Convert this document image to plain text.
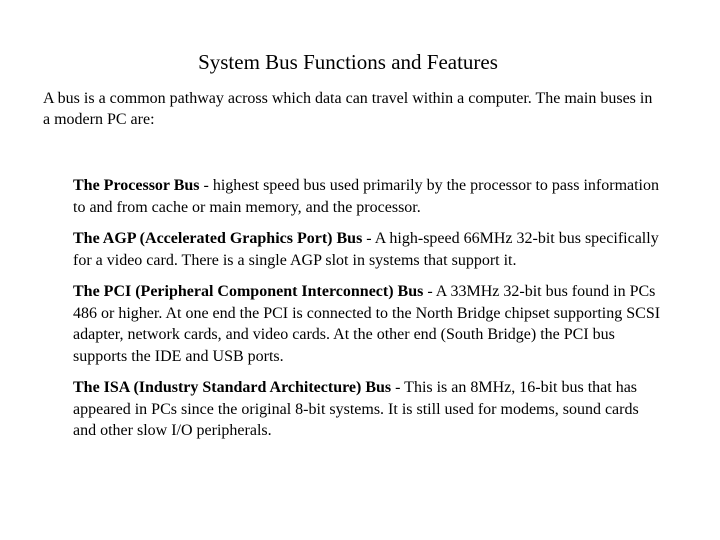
System Bus Functions and Features
A bus is a common pathway across which data can travel within a computer. The main buses in a modern PC are:
The Processor Bus - highest speed bus used primarily by the processor to pass information to and from cache or main memory, and the processor.
The AGP (Accelerated Graphics Port) Bus - A high-speed 66MHz 32-bit bus specifically for a video card. There is a single AGP slot in systems that support it.
The PCI (Peripheral Component Interconnect) Bus - A 33MHz 32-bit bus found in PCs 486 or higher. At one end the PCI is connected to the North Bridge chipset supporting SCSI adapter, network cards, and video cards. At the other end (South Bridge) the PCI bus supports the IDE and USB ports.
The ISA (Industry Standard Architecture) Bus - This is an 8MHz, 16-bit bus that has appeared in PCs since the original 8-bit systems. It is still used for modems, sound cards and other slow I/O peripherals.
